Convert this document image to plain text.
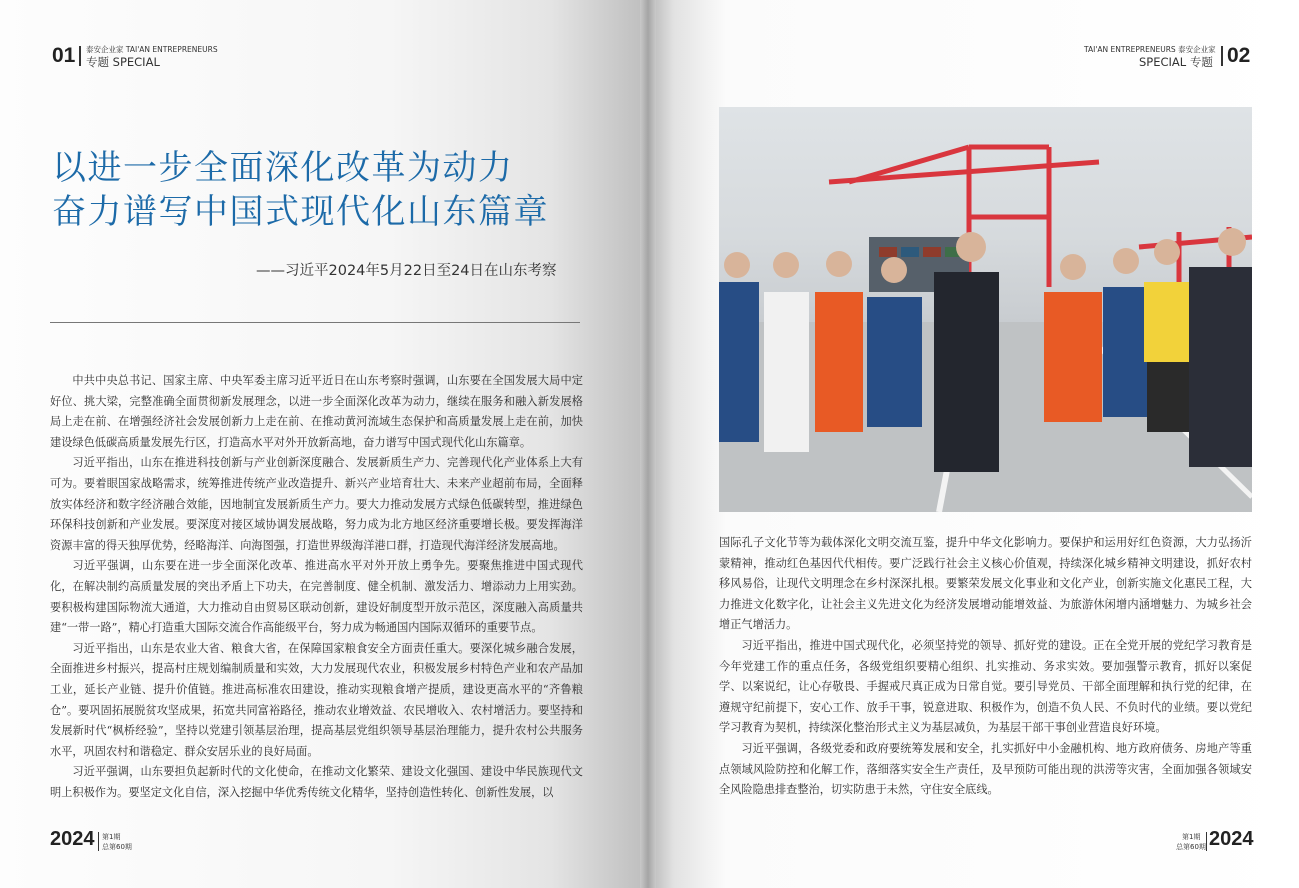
01 泰安企业家 TAI'AN ENTREPRENEURS
专题 SPECIAL
TAI'AN ENTREPRENEURS 泰安企业家
SPECIAL 专题 02
以进一步全面深化改革为动力
奋力谱写中国式现代化山东篇章
——习近平2024年5月22日至24日在山东考察

中共中央总书记、国家主席、中央军委主席习近平近日在山东考察时强调，山东要在全国发展大局中定好位、挑大梁，完整准确全面贯彻新发展理念，以进一步全面深化改革为动力，继续在服务和融入新发展格局上走在前、在增强经济社会发展创新力上走在前、在推动黄河流域生态保护和高质量发展上走在前，加快建设绿色低碳高质量发展先行区，打造高水平对外开放新高地，奋力谱写中国式现代化山东篇章。

习近平指出，山东在推进科技创新与产业创新深度融合、发展新质生产力、完善现代化产业体系上大有可为。要着眼国家战略需求，统筹推进传统产业改造提升、新兴产业培育壮大、未来产业超前布局，全面释放实体经济和数字经济融合效能，因地制宜发展新质生产力。要大力推动发展方式绿色低碳转型，推进绿色环保科技创新和产业发展。要深度对接区域协调发展战略，努力成为北方地区经济重要增长极。要发挥海洋资源丰富的得天独厚优势，经略海洋、向海图强，打造世界级海洋港口群，打造现代海洋经济发展高地。

习近平强调，山东要在进一步全面深化改革、推进高水平对外开放上勇争先。要聚焦推进中国式现代化，在解决制约高质量发展的突出矛盾上下功夫，在完善制度、健全机制、激发活力、增添动力上用实劲。要积极构建国际物流大通道，大力推动自由贸易区联动创新，建设好制度型开放示范区，深度融入高质量共建“一带一路”，精心打造重大国际交流合作高能级平台，努力成为畅通国内国际双循环的重要节点。

习近平指出，山东是农业大省、粮食大省，在保障国家粮食安全方面责任重大。要深化城乡融合发展，全面推进乡村振兴，提高村庄规划编制质量和实效，大力发展现代农业，积极发展乡村特色产业和农产品加工业，延长产业链、提升价值链。推进高标准农田建设，推动实现粮食增产提质，建设更高水平的“齐鲁粮仓”。要巩固拓展脱贫攻坚成果，拓宽共同富裕路径，推动农业增效益、农民增收入、农村增活力。要坚持和发展新时代“枫桥经验”，坚持以党建引领基层治理，提高基层党组织领导基层治理能力，提升农村公共服务水平，巩固农村和谐稳定、群众安居乐业的良好局面。

习近平强调，山东要担负起新时代的文化使命，在推动文化繁荣、建设文化强国、建设中华民族现代文明上积极作为。要坚定文化自信，深入挖掘中华优秀传统文化精华，坚持创造性转化、创新性发展，以

国际孔子文化节等为载体深化文明交流互鉴，提升中华文化影响力。要保护和运用好红色资源，大力弘扬沂蒙精神，推动红色基因代代相传。要广泛践行社会主义核心价值观，持续深化城乡精神文明建设，抓好农村移风易俗，让现代文明理念在乡村深深扎根。要繁荣发展文化事业和文化产业，创新实施文化惠民工程，大力推进文化数字化，让社会主义先进文化为经济发展增动能增效益、为旅游休闲增内涵增魅力、为城乡社会增正气增活力。

习近平指出，推进中国式现代化，必须坚持党的领导、抓好党的建设。正在全党开展的党纪学习教育是今年党建工作的重点任务，各级党组织要精心组织、扎实推动、务求实效。要加强警示教育，抓好以案促学、以案说纪，让心存敬畏、手握戒尺真正成为日常自觉。要引导党员、干部全面理解和执行党的纪律，在遵规守纪前提下，安心工作、放手干事，锐意进取、积极作为，创造不负人民、不负时代的业绩。要以党纪学习教育为契机，持续深化整治形式主义为基层减负，为基层干部干事创业营造良好环境。

习近平强调，各级党委和政府要统筹发展和安全，扎实抓好中小金融机构、地方政府债务、房地产等重点领域风险防控和化解工作，落细落实安全生产责任，及早预防可能出现的洪涝等灾害，全面加强各领域安全风险隐患排查整治，切实防患于未然，守住安全底线。

2024 第1期
总第60期
第1期
总第60期 2024
